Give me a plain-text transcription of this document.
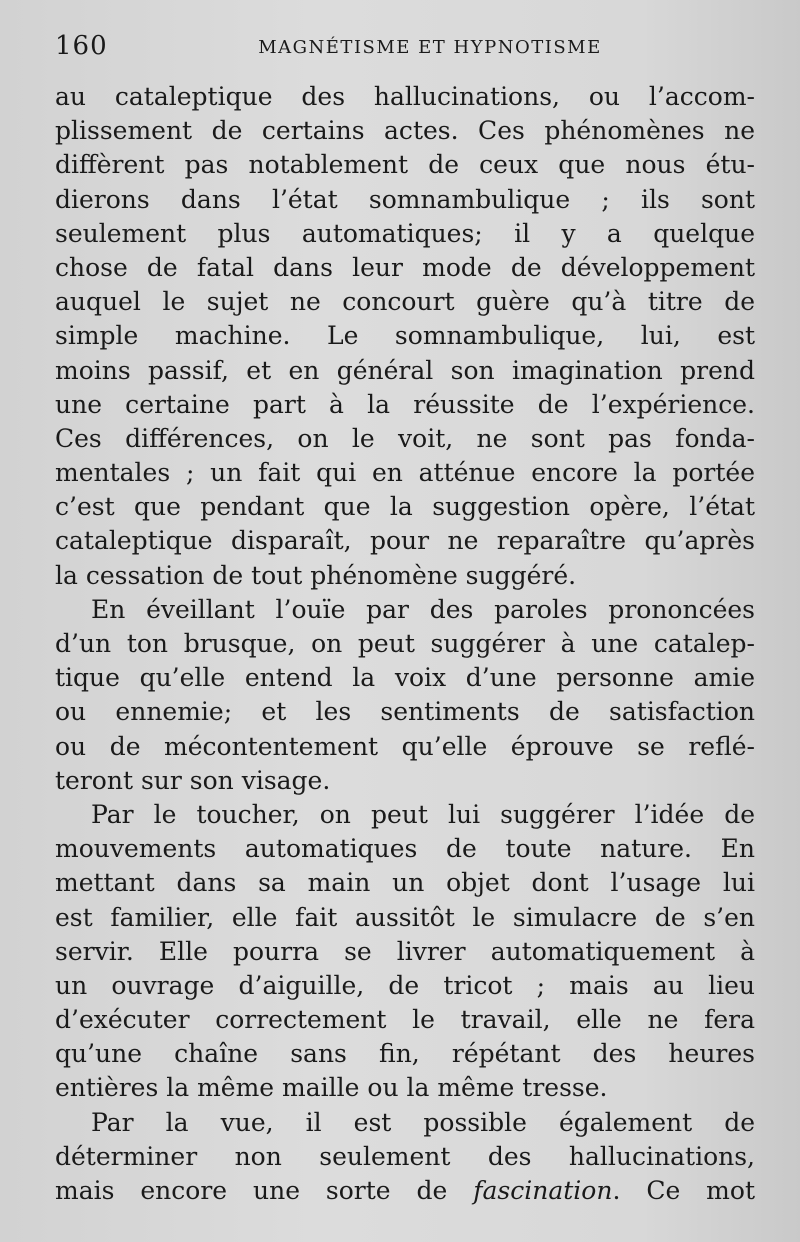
160	MAGNÉTISME ET HYPNOTISME
au cataleptique des hallucinations, ou l’accom-
plissement de certains actes. Ces phénomènes ne
diffèrent pas notablement de ceux que nous étu-
dierons dans l’état somnambulique ; ils sont
seulement plus automatiques; il y a quelque
chose de fatal dans leur mode de développement
auquel le sujet ne concourt guère qu’à titre de
simple machine. Le somnambulique, lui, est
moins passif, et en général son imagination prend
une certaine part à la réussite de l’expérience.
Ces différences, on le voit, ne sont pas fonda-
mentales ; un fait qui en atténue encore la portée
c’est que pendant que la suggestion opère, l’état
cataleptique disparaît, pour ne reparaître qu’après
la cessation de tout phénomène suggéré.
En éveillant l’ouïe par des paroles prononcées
d’un ton brusque, on peut suggérer à une catalep-
tique qu’elle entend la voix d’une personne amie
ou ennemie; et les sentiments de satisfaction
ou de mécontentement qu’elle éprouve se reflé-
teront sur son visage.
Par le toucher, on peut lui suggérer l’idée de
mouvements automatiques de toute nature. En
mettant dans sa main un objet dont l’usage lui
est familier, elle fait aussitôt le simulacre de s’en
servir. Elle pourra se livrer automatiquement à
un ouvrage d’aiguille, de tricot ; mais au lieu
d’exécuter correctement le travail, elle ne fera
qu’une chaîne sans fin, répétant des heures
entières la même maille ou la même tresse.
Par la vue, il est possible également de
déterminer non seulement des hallucinations,
mais encore une sorte de fascination. Ce mot
